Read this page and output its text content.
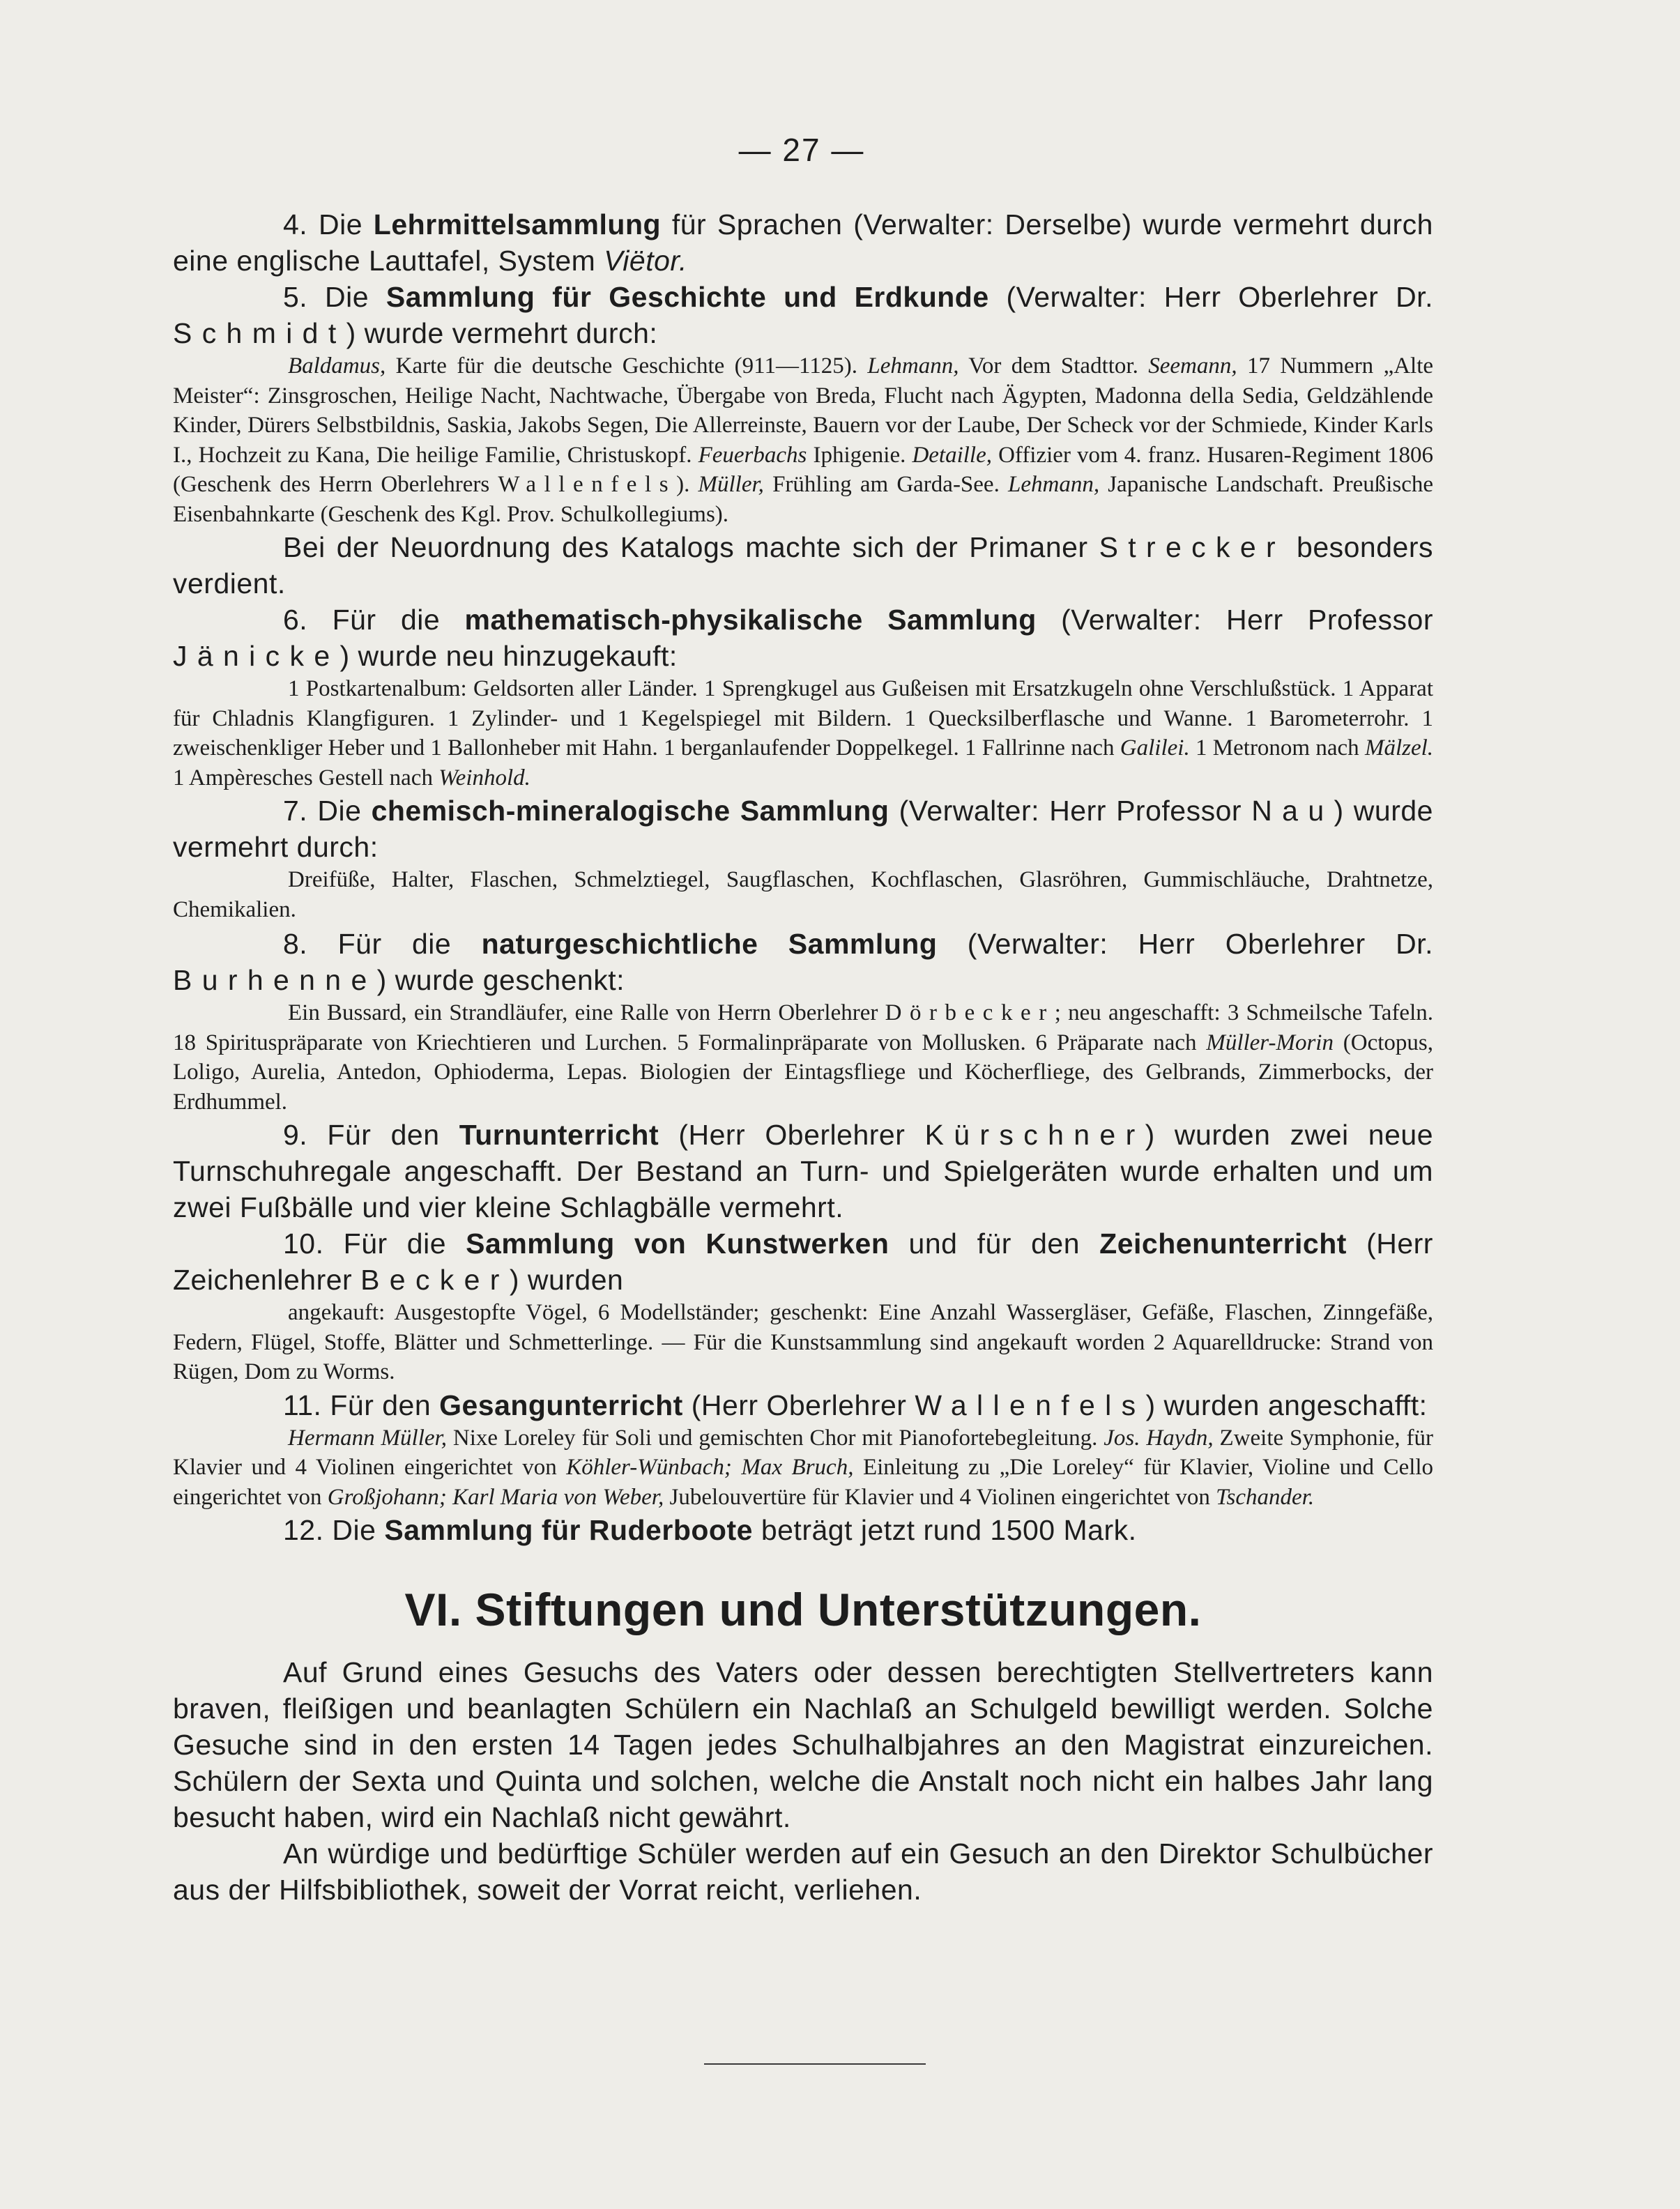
— 27 —

4. Die Lehrmittelsammlung für Sprachen (Verwalter: Derselbe) wurde vermehrt durch eine englische Lauttafel, System Viëtor.

5. Die Sammlung für Geschichte und Erdkunde (Verwalter: Herr Oberlehrer Dr. Schmidt) wurde vermehrt durch:

Baldamus, Karte für die deutsche Geschichte (911—1125). Lehmann, Vor dem Stadttor. Seemann, 17 Nummern „Alte Meister“: Zinsgroschen, Heilige Nacht, Nachtwache, Übergabe von Breda, Flucht nach Ägypten, Madonna della Sedia, Geldzählende Kinder, Dürers Selbstbildnis, Saskia, Jakobs Segen, Die Allerreinste, Bauern vor der Laube, Der Scheck vor der Schmiede, Kinder Karls I., Hochzeit zu Kana, Die heilige Familie, Christuskopf. Feuerbachs Iphigenie. Detaille, Offizier vom 4. franz. Husaren-Regiment 1806 (Geschenk des Herrn Oberlehrers Wallenfels). Müller, Frühling am Garda-See. Lehmann, Japanische Landschaft. Preußische Eisenbahnkarte (Geschenk des Kgl. Prov. Schulkollegiums).

Bei der Neuordnung des Katalogs machte sich der Primaner Strecker besonders verdient.

6. Für die mathematisch-physikalische Sammlung (Verwalter: Herr Professor Jänicke) wurde neu hinzugekauft:

1 Postkartenalbum: Geldsorten aller Länder. 1 Sprengkugel aus Gußeisen mit Ersatzkugeln ohne Verschlußstück. 1 Apparat für Chladnis Klangfiguren. 1 Zylinder- und 1 Kegelspiegel mit Bildern. 1 Quecksilberflasche und Wanne. 1 Barometerrohr. 1 zweischenkliger Heber und 1 Ballonheber mit Hahn. 1 berganlaufender Doppelkegel. 1 Fallrinne nach Galilei. 1 Metronom nach Mälzel. 1 Ampèresches Gestell nach Weinhold.

7. Die chemisch-mineralogische Sammlung (Verwalter: Herr Professor Nau) wurde vermehrt durch:

Dreifüße, Halter, Flaschen, Schmelztiegel, Saugflaschen, Kochflaschen, Glasröhren, Gummischläuche, Drahtnetze, Chemikalien.

8. Für die naturgeschichtliche Sammlung (Verwalter: Herr Oberlehrer Dr. Burhenne) wurde geschenkt:

Ein Bussard, ein Strandläufer, eine Ralle von Herrn Oberlehrer Dörbecker; neu angeschafft: 3 Schmeilsche Tafeln. 18 Spirituspräparate von Kriechtieren und Lurchen. 5 Formalinpräparate von Mollusken. 6 Präparate nach Müller-Morin (Octopus, Loligo, Aurelia, Antedon, Ophioderma, Lepas. Biologien der Eintagsfliege und Köcherfliege, des Gelbrands, Zimmerbocks, der Erdhummel.

9. Für den Turnunterricht (Herr Oberlehrer Kürschner) wurden zwei neue Turnschuhregale angeschafft. Der Bestand an Turn- und Spielgeräten wurde erhalten und um zwei Fußbälle und vier kleine Schlagbälle vermehrt.

10. Für die Sammlung von Kunstwerken und für den Zeichenunterricht (Herr Zeichenlehrer Becker) wurden

angekauft: Ausgestopfte Vögel, 6 Modellständer; geschenkt: Eine Anzahl Wassergläser, Gefäße, Flaschen, Zinngefäße, Federn, Flügel, Stoffe, Blätter und Schmetterlinge. — Für die Kunstsammlung sind angekauft worden 2 Aquarelldrucke: Strand von Rügen, Dom zu Worms.

11. Für den Gesangunterricht (Herr Oberlehrer Wallenfels) wurden angeschafft:

Hermann Müller, Nixe Loreley für Soli und gemischten Chor mit Pianofortebegleitung. Jos. Haydn, Zweite Symphonie, für Klavier und 4 Violinen eingerichtet von Köhler-Wünbach; Max Bruch, Einleitung zu „Die Loreley“ für Klavier, Violine und Cello eingerichtet von Großjohann; Karl Maria von Weber, Jubelouvertüre für Klavier und 4 Violinen eingerichtet von Tschander.

12. Die Sammlung für Ruderboote beträgt jetzt rund 1500 Mark.

VI. Stiftungen und Unterstützungen.

Auf Grund eines Gesuchs des Vaters oder dessen berechtigten Stellvertreters kann braven, fleißigen und beanlagten Schülern ein Nachlaß an Schulgeld bewilligt werden. Solche Gesuche sind in den ersten 14 Tagen jedes Schulhalbjahres an den Magistrat einzureichen. Schülern der Sexta und Quinta und solchen, welche die Anstalt noch nicht ein halbes Jahr lang besucht haben, wird ein Nachlaß nicht gewährt.

An würdige und bedürftige Schüler werden auf ein Gesuch an den Direktor Schulbücher aus der Hilfsbibliothek, soweit der Vorrat reicht, verliehen.
